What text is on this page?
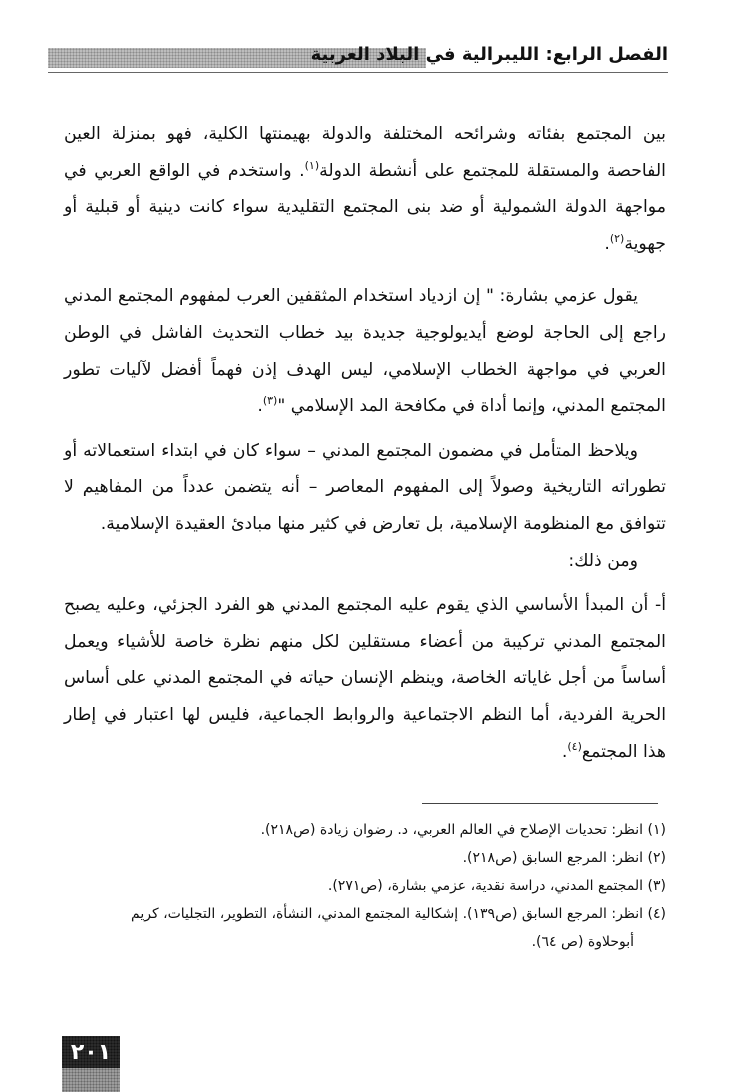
الفصل الرابع: الليبرالية في البلاد العربية

بين المجتمع بفئاته وشرائحه المختلفة والدولة بهيمنتها الكلية، فهو بمنزلة العين الفاحصة والمستقلة للمجتمع على أنشطة الدولة$^{(١)}$. واستخدم في الواقع العربي في مواجهة الدولة الشمولية أو ضد بنى المجتمع التقليدية سواء كانت دينية أو قبلية أو جهوية$^{(٢)}$.

يقول عزمي بشارة: " إن ازدياد استخدام المثقفين العرب لمفهوم المجتمع المدني راجع إلى الحاجة لوضع أيديولوجية جديدة بيد خطاب التحديث الفاشل في الوطن العربي في مواجهة الخطاب الإسلامي، ليس الهدف إذن فهماً أفضل لآليات تطور المجتمع المدني، وإنما أداة في مكافحة المد الإسلامي "$^{(٣)}$.

ويلاحظ المتأمل في مضمون المجتمع المدني – سواء كان في ابتداء استعمالاته أو تطوراته التاريخية وصولاً إلى المفهوم المعاصر – أنه يتضمن عدداً من المفاهيم لا تتوافق مع المنظومة الإسلامية، بل تعارض في كثير منها مبادئ العقيدة الإسلامية.

ومن ذلك:

أ- أن المبدأ الأساسي الذي يقوم عليه المجتمع المدني هو الفرد الجزئي، وعليه يصبح المجتمع المدني تركيبة من أعضاء مستقلين لكل منهم نظرة خاصة للأشياء ويعمل أساساً من أجل غاياته الخاصة، وينظم الإنسان حياته في المجتمع المدني على أساس الحرية الفردية، أما النظم الاجتماعية والروابط الجماعية، فليس لها اعتبار في إطار هذا المجتمع$^{(٤)}$.

(١) انظر: تحديات الإصلاح في العالم العربي، د. رضوان زيادة (ص٢١٨).

(٢) انظر: المرجع السابق (ص٢١٨).

(٣) المجتمع المدني، دراسة نقدية، عزمي بشارة، (ص٢٧١).

(٤) انظر: المرجع السابق (ص١٣٩). إشكالية المجتمع المدني، النشأة، التطوير، التجليات، كريم
أبوحلاوة (ص ٦٤).

٢٠١
